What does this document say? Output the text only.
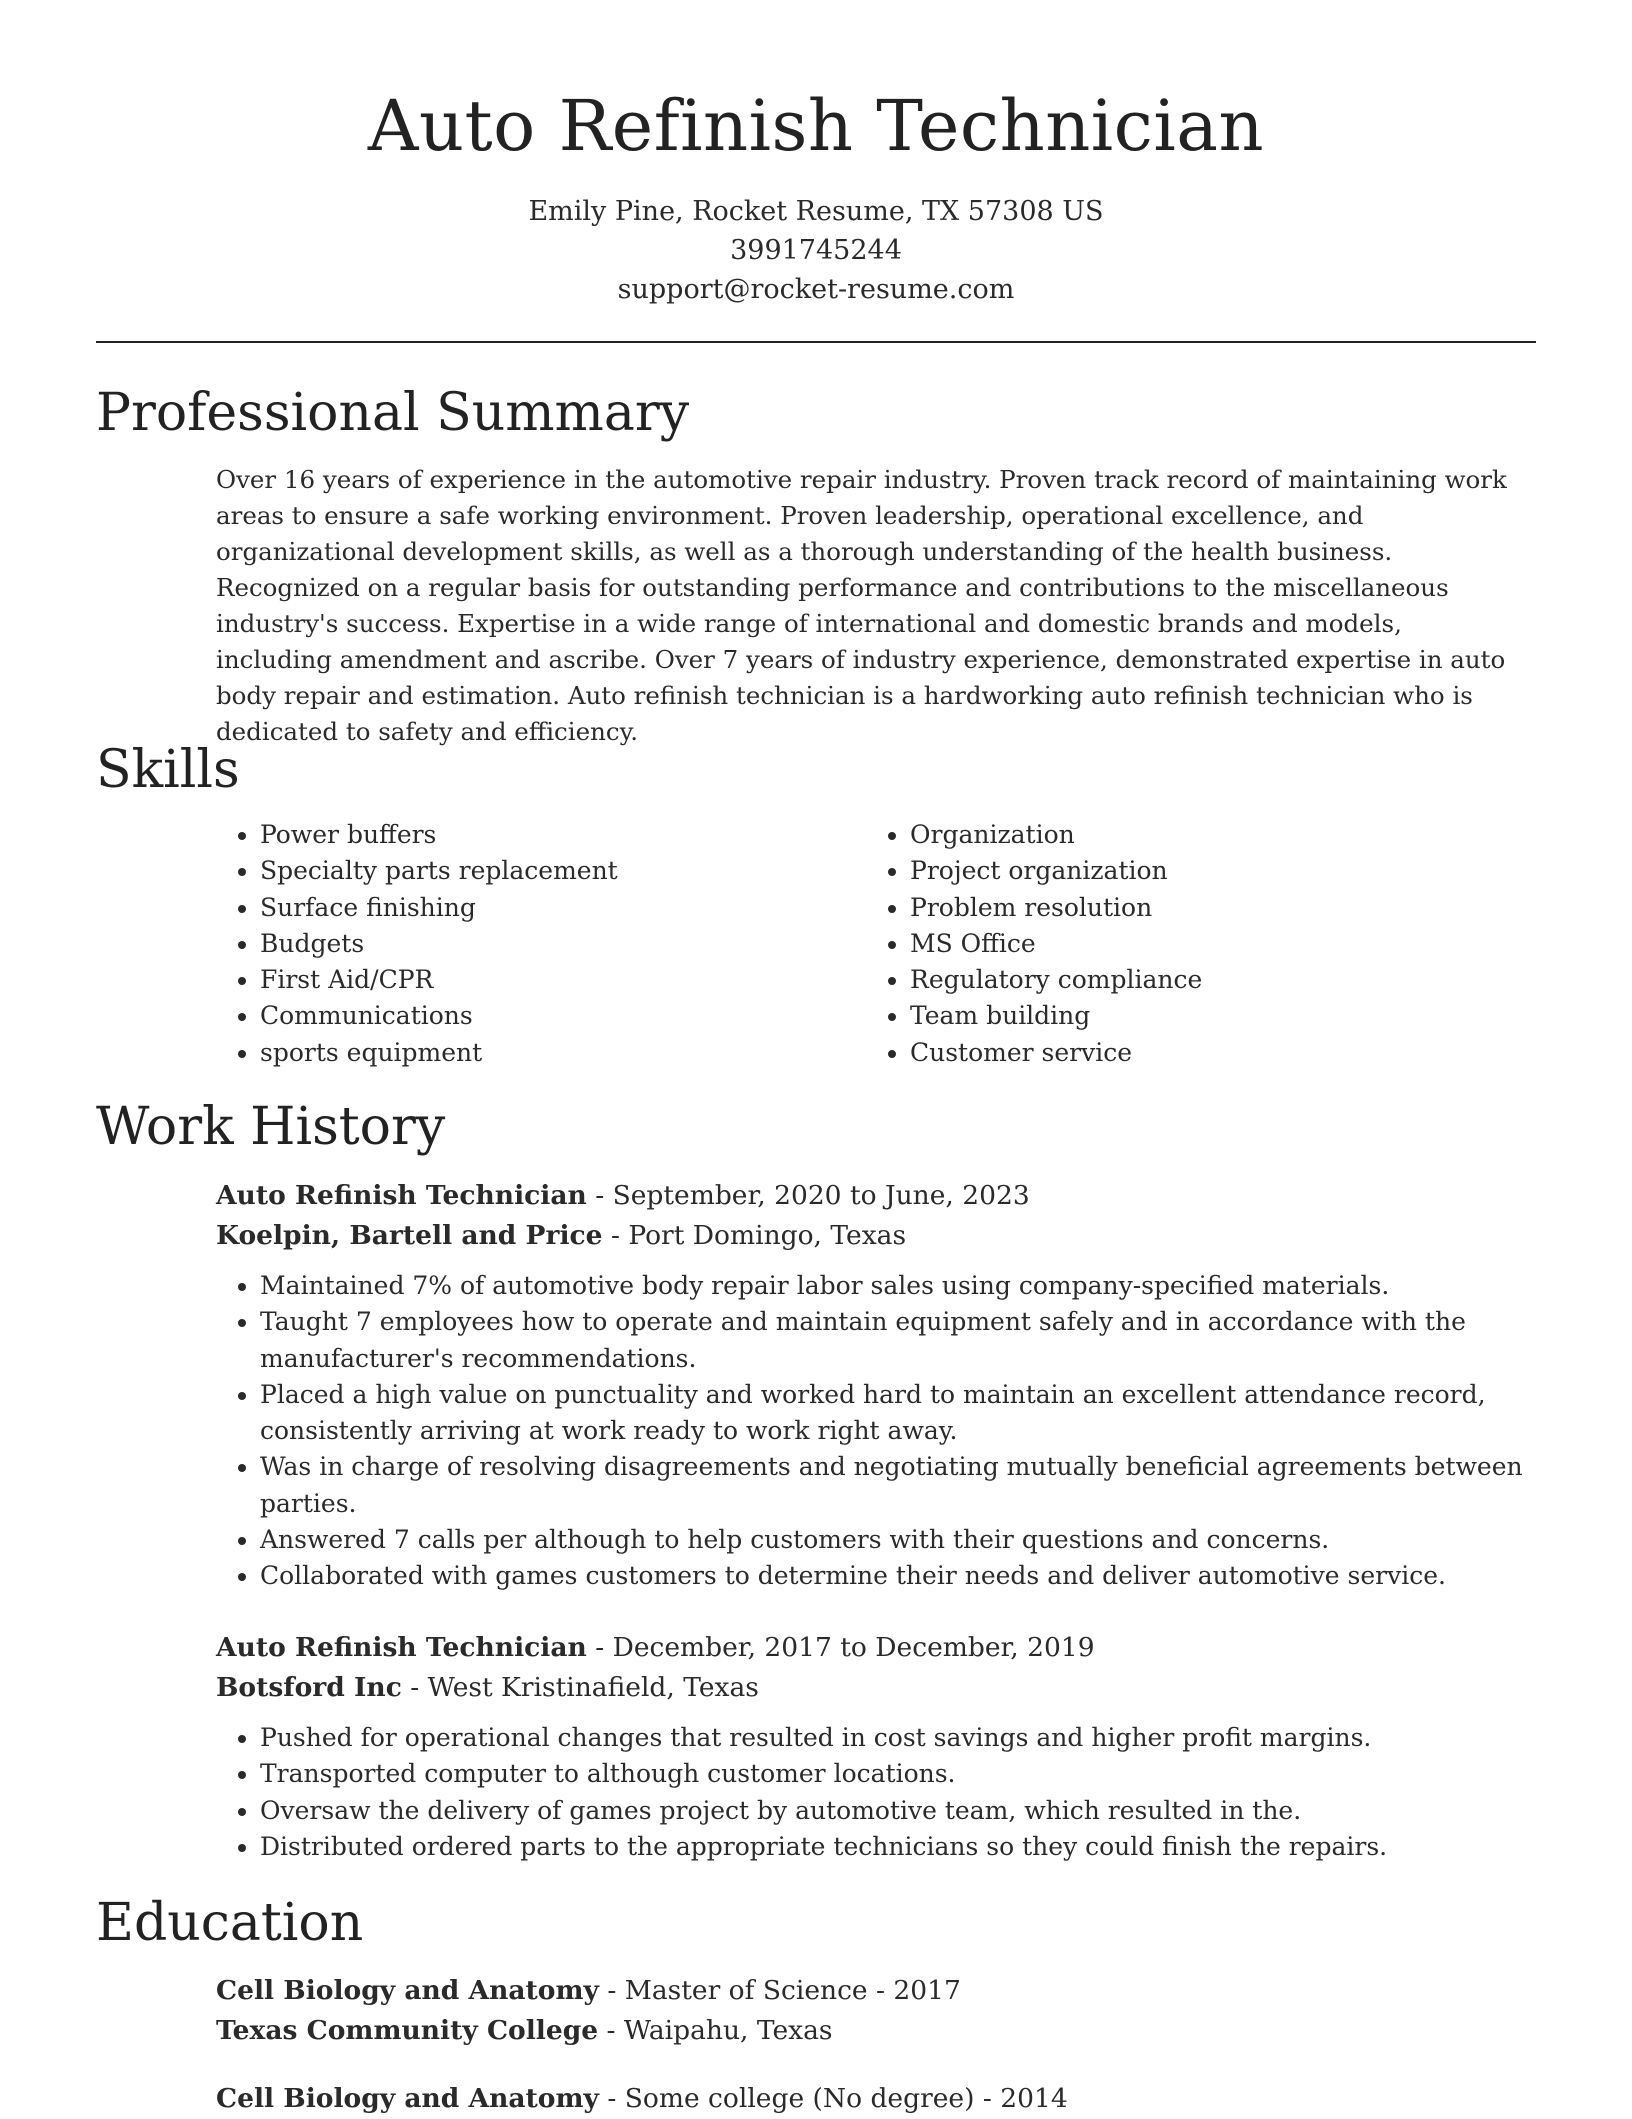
Auto Refinish Technician
Emily Pine, Rocket Resume, TX 57308 US
3991745244
support@rocket-resume.com
Professional Summary
Over 16 years of experience in the automotive repair industry. Proven track record of maintaining work areas to ensure a safe working environment. Proven leadership, operational excellence, and organizational development skills, as well as a thorough understanding of the health business. Recognized on a regular basis for outstanding performance and contributions to the miscellaneous industry's success. Expertise in a wide range of international and domestic brands and models, including amendment and ascribe. Over 7 years of industry experience, demonstrated expertise in auto body repair and estimation. Auto refinish technician is a hardworking auto refinish technician who is dedicated to safety and efficiency.
Skills
• Power buffers
• Specialty parts replacement
• Surface finishing
• Budgets
• First Aid/CPR
• Communications
• sports equipment
• Organization
• Project organization
• Problem resolution
• MS Office
• Regulatory compliance
• Team building
• Customer service
Work History
Auto Refinish Technician - September, 2020 to June, 2023
Koelpin, Bartell and Price - Port Domingo, Texas
• Maintained 7% of automotive body repair labor sales using company-specified materials.
• Taught 7 employees how to operate and maintain equipment safely and in accordance with the manufacturer's recommendations.
• Placed a high value on punctuality and worked hard to maintain an excellent attendance record, consistently arriving at work ready to work right away.
• Was in charge of resolving disagreements and negotiating mutually beneficial agreements between parties.
• Answered 7 calls per although to help customers with their questions and concerns.
• Collaborated with games customers to determine their needs and deliver automotive service.
Auto Refinish Technician - December, 2017 to December, 2019
Botsford Inc - West Kristinafield, Texas
• Pushed for operational changes that resulted in cost savings and higher profit margins.
• Transported computer to although customer locations.
• Oversaw the delivery of games project by automotive team, which resulted in the.
• Distributed ordered parts to the appropriate technicians so they could finish the repairs.
Education
Cell Biology and Anatomy - Master of Science - 2017
Texas Community College - Waipahu, Texas
Cell Biology and Anatomy - Some college (No degree) - 2014
